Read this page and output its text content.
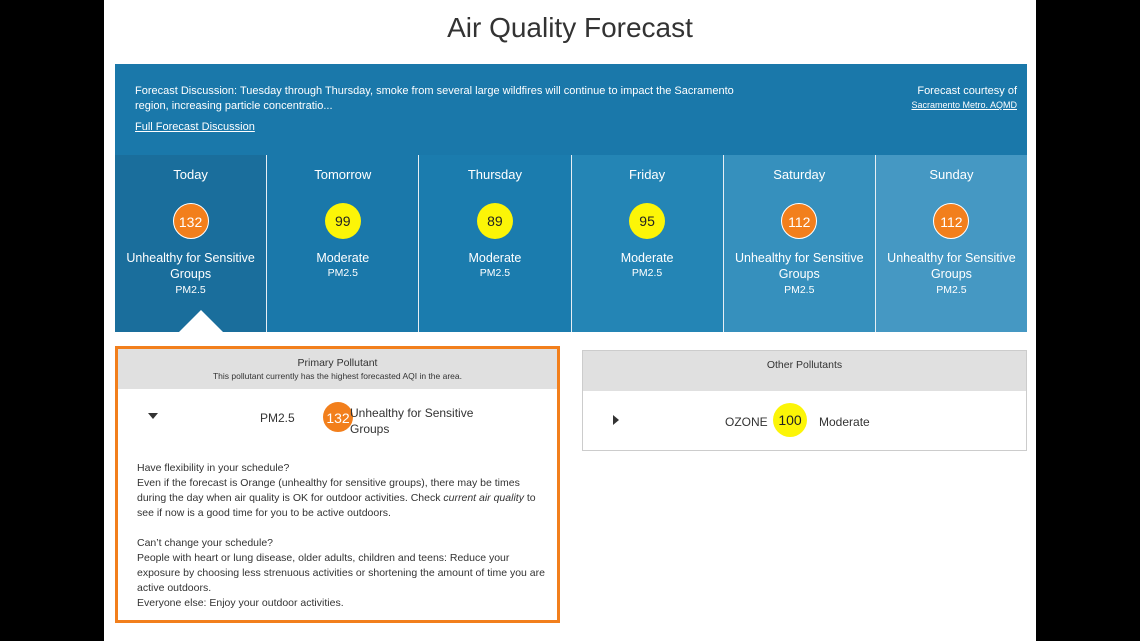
Air Quality Forecast
Forecast Discussion: Tuesday through Thursday, smoke from several large wildfires will continue to impact the Sacramento region, increasing particle concentratio...
Full Forecast Discussion
Forecast courtesy of
Sacramento Metro. AQMD
Today
132
Unhealthy for Sensitive Groups
PM2.5
Tomorrow
99
Moderate
PM2.5
Thursday
89
Moderate
PM2.5
Friday
95
Moderate
PM2.5
Saturday
112
Unhealthy for Sensitive Groups
PM2.5
Sunday
112
Unhealthy for Sensitive Groups
PM2.5
Primary Pollutant
This pollutant currently has the highest forecasted AQI in the area.
PM2.5	132 Unhealthy for Sensitive Groups

Have flexibility in your schedule?
Even if the forecast is Orange (unhealthy for sensitive groups), there may be times during the day when air quality is OK for outdoor activities. Check current air quality to see if now is a good time for you to be active outdoors.

Can’t change your schedule?
People with heart or lung disease, older adults, children and teens: Reduce your exposure by choosing less strenuous activities or shortening the amount of time you are active outdoors.
Everyone else: Enjoy your outdoor activities.

Other Pollutants
OZONE 100	Moderate
